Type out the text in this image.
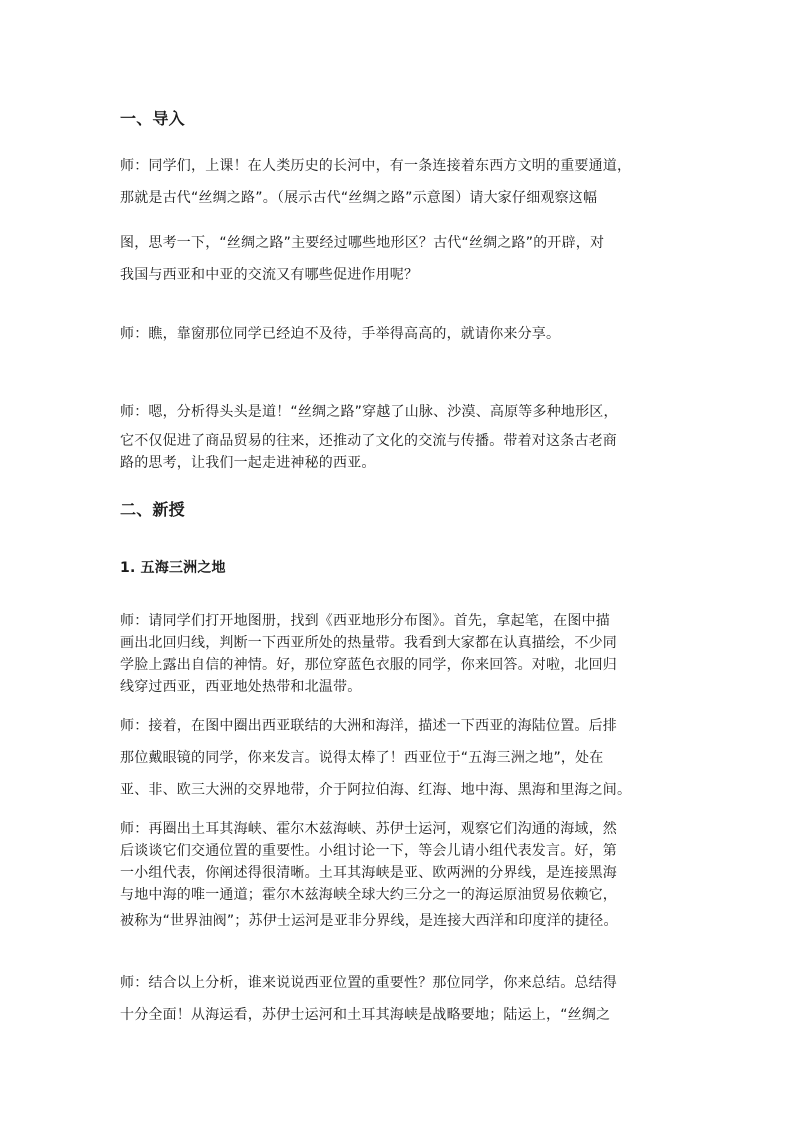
一、导入
师：同学们，上课！在人类历史的长河中，有一条连接着东西方文明的重要通道，
那就是古代“丝绸之路”。（展示古代“丝绸之路”示意图）请大家仔细观察这幅
图，思考一下，“丝绸之路”主要经过哪些地形区？古代“丝绸之路”的开辟，对
我国与西亚和中亚的交流又有哪些促进作用呢？
师：瞧，靠窗那位同学已经迫不及待，手举得高高的，就请你来分享。
师：嗯，分析得头头是道！“丝绸之路”穿越了山脉、沙漠、高原等多种地形区，
它不仅促进了商品贸易的往来，还推动了文化的交流与传播。带着对这条古老商
路的思考，让我们一起走进神秘的西亚。
二、新授
1. 五海三洲之地
师：请同学们打开地图册，找到《西亚地形分布图》。首先，拿起笔，在图中描
画出北回归线，判断一下西亚所处的热量带。我看到大家都在认真描绘，不少同
学脸上露出自信的神情。好，那位穿蓝色衣服的同学，你来回答。对啦，北回归
线穿过西亚，西亚地处热带和北温带。
师：接着，在图中圈出西亚联结的大洲和海洋，描述一下西亚的海陆位置。后排
那位戴眼镜的同学，你来发言。说得太棒了！西亚位于“五海三洲之地”，处在
亚、非、欧三大洲的交界地带，介于阿拉伯海、红海、地中海、黑海和里海之间。
师：再圈出土耳其海峡、霍尔木兹海峡、苏伊士运河，观察它们沟通的海域，然
后谈谈它们交通位置的重要性。小组讨论一下，等会儿请小组代表发言。好，第
一小组代表，你阐述得很清晰。土耳其海峡是亚、欧两洲的分界线，是连接黑海
与地中海的唯一通道；霍尔木兹海峡全球大约三分之一的海运原油贸易依赖它，
被称为“世界油阀”；苏伊士运河是亚非分界线，是连接大西洋和印度洋的捷径。
师：结合以上分析，谁来说说西亚位置的重要性？那位同学，你来总结。总结得
十分全面！从海运看，苏伊士运河和土耳其海峡是战略要地；陆运上，“丝绸之
